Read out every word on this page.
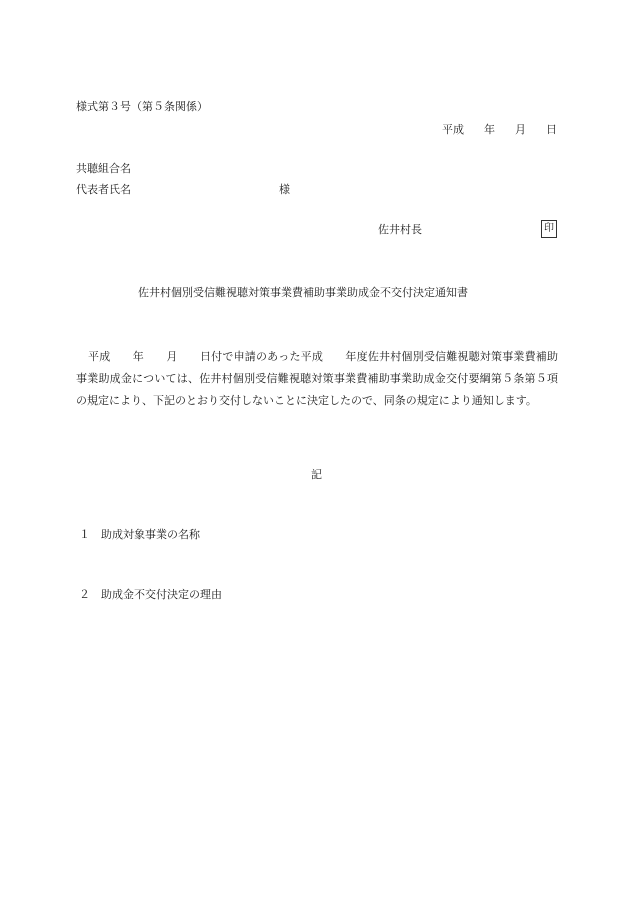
様式第３号（第５条関係）
平成 年 月 日
共聴組合名
代表者氏名	様
佐井村長	印
佐井村個別受信難視聴対策事業費補助事業助成金不交付決定通知書
平成　　年　　月　　日付で申請のあった平成　　年度佐井村個別受信難視聴対策事業費補助事業助成金については、佐井村個別受信難視聴対策事業費補助事業助成金交付要綱第５条第５項の規定により、下記のとおり交付しないことに決定したので、同条の規定により通知します。
記
１ 助成対象事業の名称
２ 助成金不交付決定の理由
